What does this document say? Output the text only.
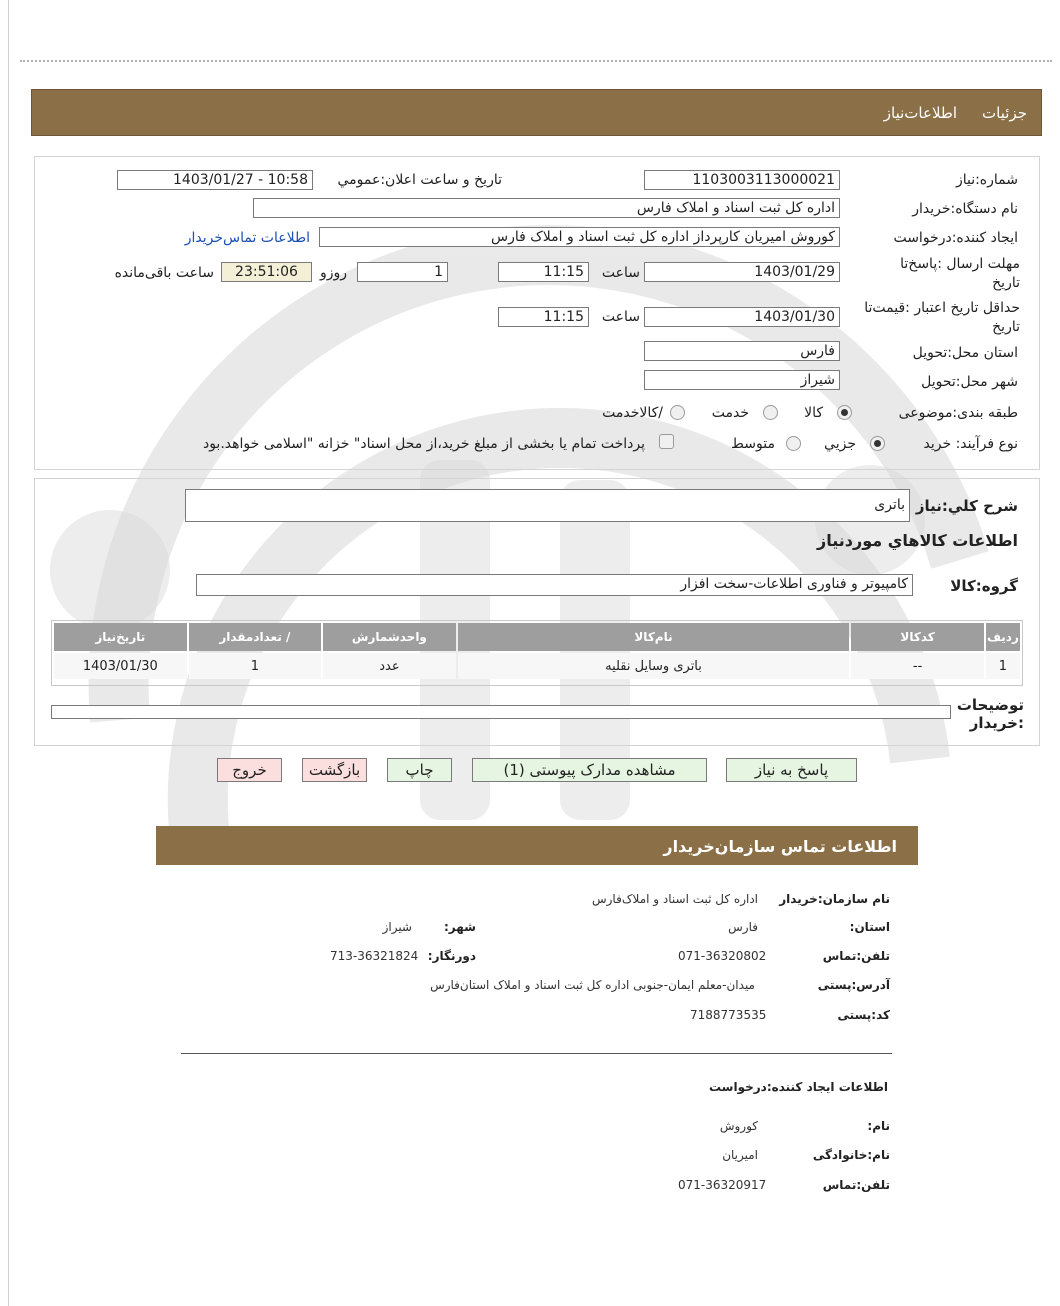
جزئیات
اطلاعات‌نیاز
شماره:نیاز
1103003113000021
تاریخ و ساعت اعلان:عمومي
1403/01/27 - 10:58
نام دستگاه:خریدار
اداره کل ثبت اسناد و املاک فارس
ایجاد کننده:درخواست
کوروش امیریان کارپرداز اداره کل ثبت اسناد و املاک فارس
اطلاعات تماس‌خریدار
مهلت ارسال :پاسخ‌تا تاریخ
1403/01/29
ساعت
11:15
1
روزو
23:51:06
ساعت باقی‌مانده
حداقل تاریخ اعتبار :قیمت‌تا تاریخ
1403/01/30
ساعت
11:15
استان محل:تحویل
فارس
شهر محل:تحویل
شیراز
طبقه بندی:موضوعی
کالا
خدمت
/کالاخدمت
نوع فرآیند: خرید
جزیي
متوسط
پرداخت تمام یا بخشی از مبلغ خرید،از محل اسناد" خزانه "اسلامی خواهد.بود
شرح کلي:نیاز
باتری
اطلاعات کالاهاي موردنیاز
گروه:کالا
کامپیوتر و فناوری اطلاعات-سخت افزار
ردیف	کدکالا	نام‌کالا	واحدشمارش	/ تعدادمقدار	تاریخ‌نیاز
1	--	باتری وسایل نقلیه	عدد	1	1403/01/30
توضیحات :خریدار
پاسخ به نیاز
مشاهده مدارک پیوستی (1)
چاپ
بازگشت
خروج
اطلاعات تماس سازمان‌خریدار
نام سازمان:خریدار
اداره کل ثبت اسناد و املاک‌فارس
استان:
فارس
شهر:
شیراز
تلفن:تماس
071-36320802
دورنگار:
713-36321824
آدرس:پستی
میدان-معلم ایمان-جنوبی اداره کل ثبت اسناد و املاک استان‌فارس
کد:پستی
7188773535
اطلاعات ایجاد کننده:درخواست
نام:
کوروش
نام:خانوادگی
امیریان
تلفن:تماس
071-36320917
